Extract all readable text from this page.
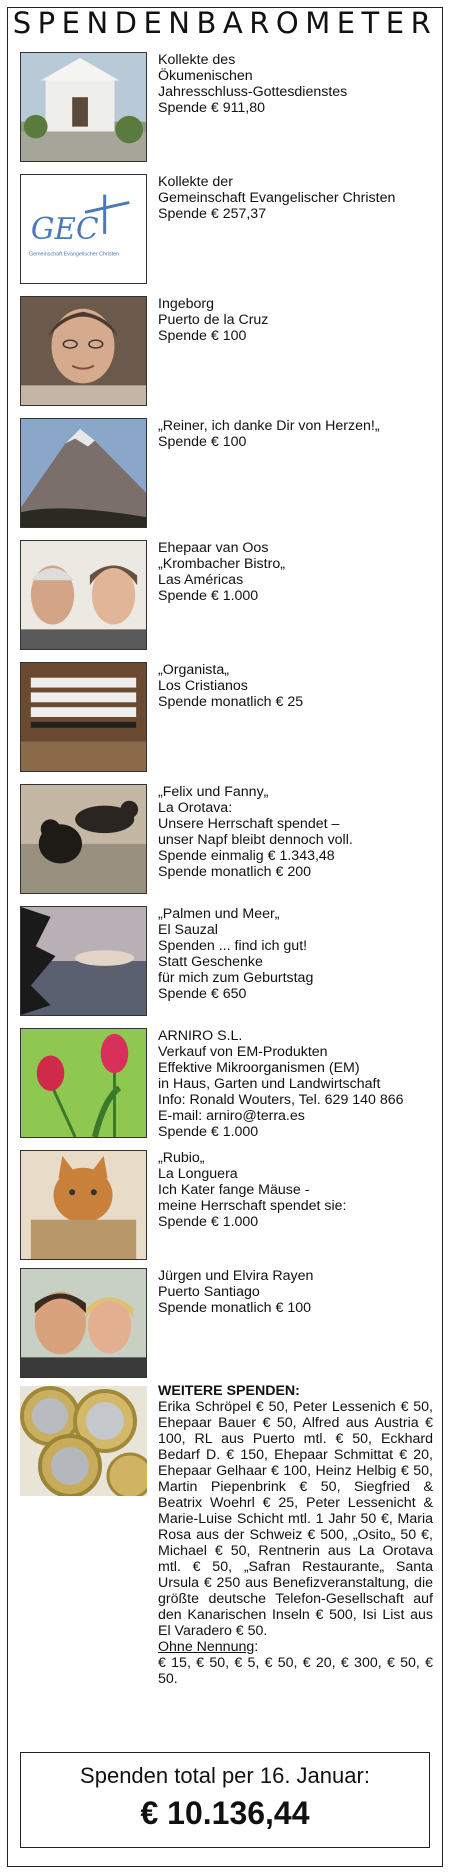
SPENDENBAROMETER
Kollekte des
Ökumenischen
Jahresschluss-Gottesdienstes
Spende € 911,80
GEC
Gemeinschaft Evangelischer Christen
Kollekte der
Gemeinschaft Evangelischer Christen
Spende € 257,37
Ingeborg
Puerto de la Cruz
Spende € 100
„Reiner, ich danke Dir von Herzen!„
Spende € 100
Ehepaar van Oos
„Krombacher Bistro„
Las Américas
Spende € 1.000
„Organista„
Los Cristianos
Spende monatlich € 25
„Felix und Fanny„
La Orotava:
Unsere Herrschaft spendet –
unser Napf bleibt dennoch voll.
Spende einmalig € 1.343,48
Spende monatlich € 200
„Palmen und Meer„
El Sauzal
Spenden ... find ich gut!
Statt Geschenke
für mich zum Geburtstag
Spende € 650
ARNIRO S.L.
Verkauf von EM-Produkten
Effektive Mikroorganismen (EM)
in Haus, Garten und Landwirtschaft
Info: Ronald Wouters, Tel. 629 140 866
E-mail: arniro@terra.es
Spende € 1.000
„Rubio„
La Longuera
Ich Kater fange Mäuse -
meine Herrschaft spendet sie:
Spende € 1.000
Jürgen und Elvira Rayen
Puerto Santiago
Spende monatlich € 100
WEITERE SPENDEN:
Erika Schröpel € 50, Peter Lessenich € 50, Ehepaar Bauer € 50, Alfred aus Austria € 100, RL aus Puerto mtl. € 50, Eckhard Bedarf D. € 150, Ehepaar Schmittat € 20, Ehepaar Gelhaar € 100, Heinz Helbig € 50, Martin Piepenbrink € 50, Siegfried & Beatrix Woehrl € 25, Peter Lessenicht & Marie-Luise Schicht mtl. 1 Jahr 50 €, Maria Rosa aus der Schweiz € 500, „Osito„ 50 €, Michael € 50, Rentnerin aus La Orotava mtl. € 50, „Safran Restaurante„ Santa Ursula € 250 aus Benefizveranstaltung, die größte deutsche Telefon-Gesellschaft auf den Kanarischen Inseln € 500, Isi List aus El Varadero € 50.
Ohne Nennung:
€ 15, € 50, € 5, € 50, € 20, € 300, € 50, € 50.
Spenden total per 16. Januar:
€ 10.136,44
